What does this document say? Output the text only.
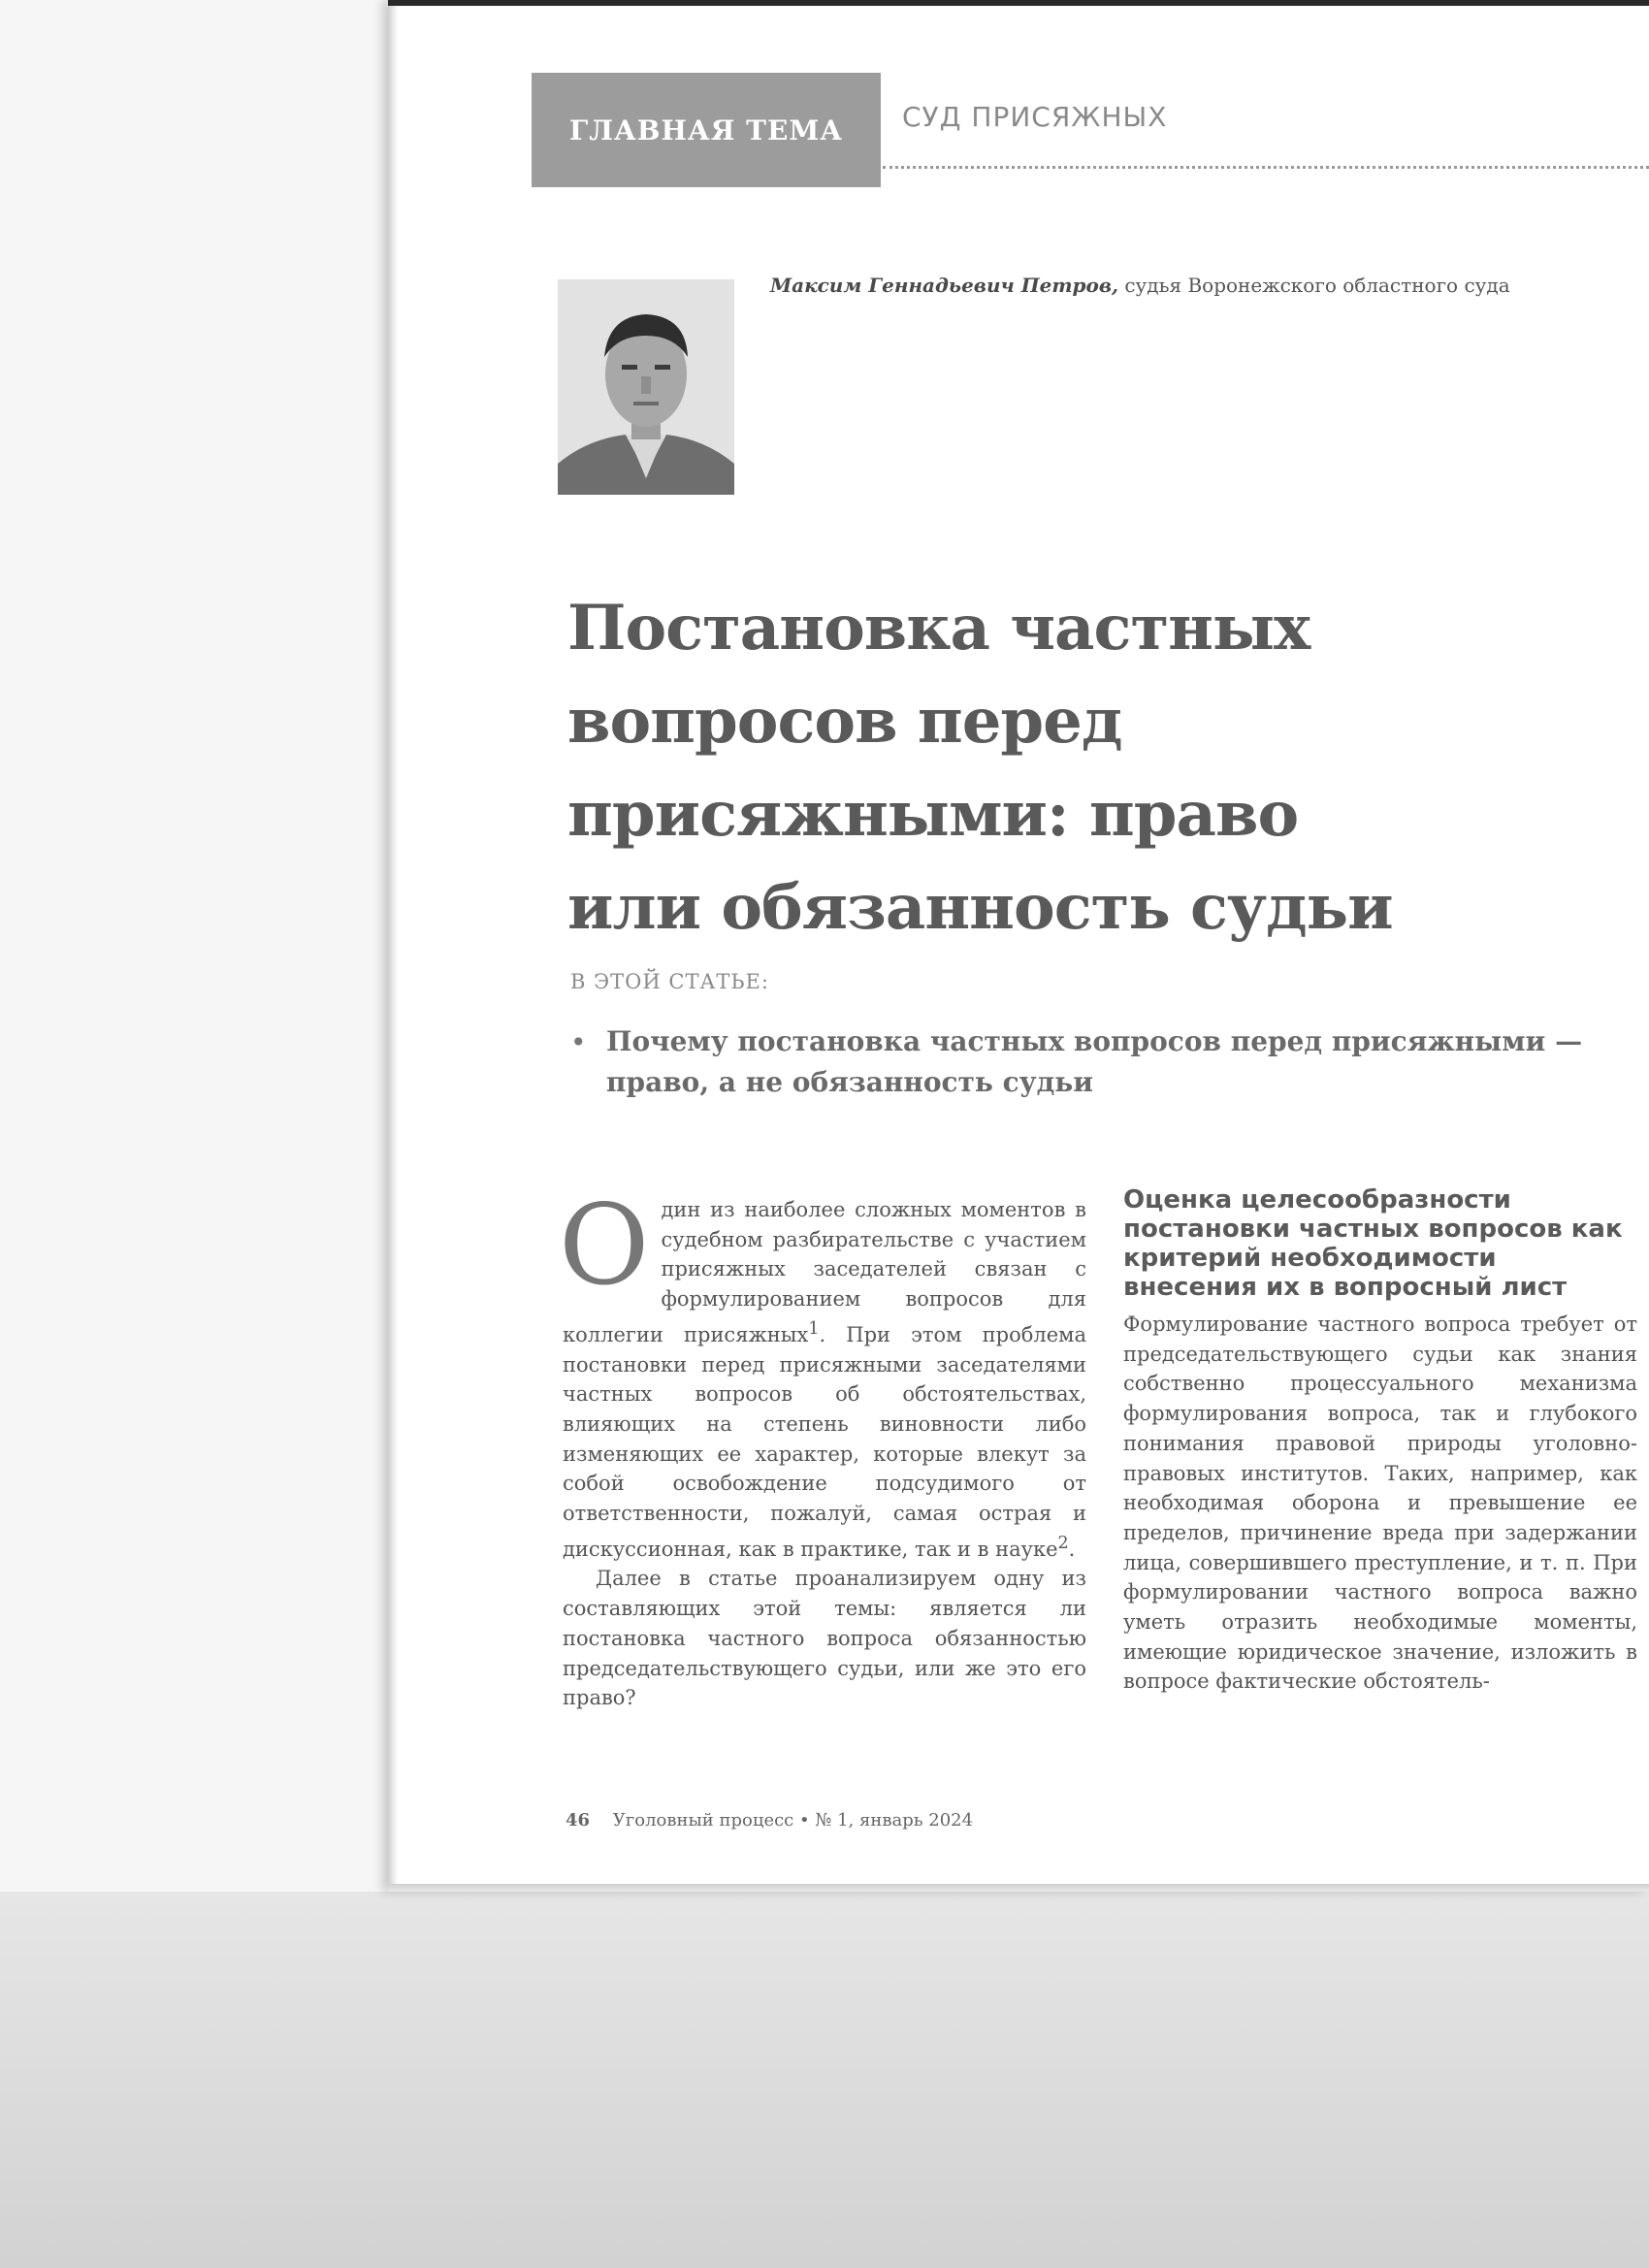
ГЛАВНАЯ ТЕМА	СУД ПРИСЯЖНЫХ
Максим Геннадьевич Петров, судья Воронежского областного суда
Постановка частных вопросов перед присяжными: право или обязанность судьи
В ЭТОЙ СТАТЬЕ:
• Почему постановка частных вопросов перед присяжными — право, а не обязанность судьи

Один из наиболее сложных моментов в судебном разбирательстве с участием присяжных заседателей связан с формулированием вопросов для коллегии присяжных$^1$. При этом проблема постановки перед присяжными заседателями частных вопросов об обстоятельствах, влияющих на степень виновности либо изменяющих ее характер, которые влекут за собой освобождение подсудимого от ответственности, пожалуй, самая острая и дискуссионная, как в практике, так и в науке$^2$.

Далее в статье проанализируем одну из составляющих этой темы: является ли постановка частного вопроса обязанностью председательствующего судьи, или же это его право?

Оценка целесообразности постановки частных вопросов как критерий необходимости внесения их в вопросный лист

Формулирование частного вопроса требует от председательствующего судьи как знания собственно процессуального механизма формулирования вопроса, так и глубокого понимания правовой природы уголовно-правовых институтов. Таких, например, как необходимая оборона и превышение ее пределов, причинение вреда при задержании лица, совершившего преступление, и т. п. При формулировании частного вопроса важно уметь отразить необходимые моменты, имеющие юридическое значение, изложить в вопросе фактические обстоятель-

46 Уголовный процесс • № 1, январь 2024
